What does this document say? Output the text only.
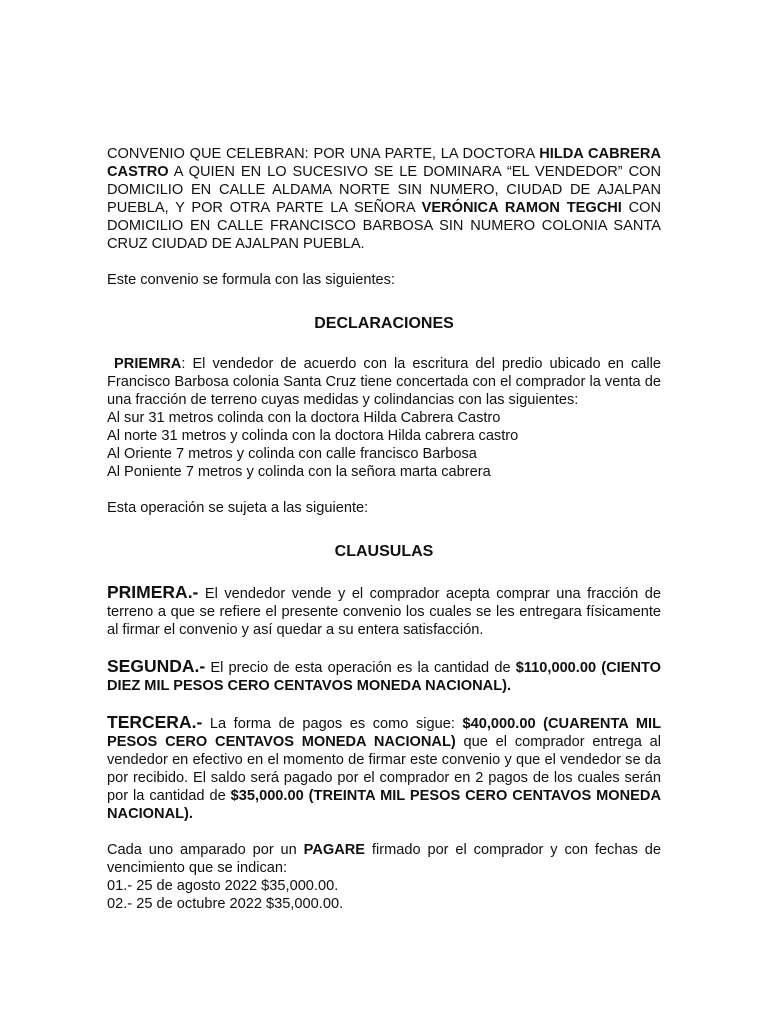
CONVENIO QUE CELEBRAN: POR UNA PARTE, LA DOCTORA HILDA CABRERA CASTRO A QUIEN EN LO SUCESIVO SE LE DOMINARA “EL VENDEDOR” CON DOMICILIO EN CALLE ALDAMA NORTE SIN NUMERO, CIUDAD DE AJALPAN PUEBLA, Y POR OTRA PARTE LA SEÑORA VERÓNICA RAMON TEGCHI CON DOMICILIO EN CALLE FRANCISCO BARBOSA SIN NUMERO COLONIA SANTA CRUZ CIUDAD DE AJALPAN PUEBLA.

Este convenio se formula con las siguientes:

DECLARACIONES

PRIEMRA: El vendedor de acuerdo con la escritura del predio ubicado en calle Francisco Barbosa colonia Santa Cruz tiene concertada con el comprador la venta de una fracción de terreno cuyas medidas y colindancias con las siguientes:

Al sur 31 metros colinda con la doctora Hilda Cabrera Castro

Al norte 31 metros y colinda con la doctora Hilda cabrera castro

Al Oriente 7 metros y colinda con calle francisco Barbosa

Al Poniente 7 metros y colinda con la señora marta cabrera

Esta operación se sujeta a las siguiente:

CLAUSULAS

PRIMERA.- El vendedor vende y el comprador acepta comprar una fracción de terreno a que se refiere el presente convenio los cuales se les entregara físicamente al firmar el convenio y así quedar a su entera satisfacción.

SEGUNDA.- El precio de esta operación es la cantidad de $110,000.00 (CIENTO DIEZ MIL PESOS CERO CENTAVOS MONEDA NACIONAL).

TERCERA.- La forma de pagos es como sigue: $40,000.00 (CUARENTA MIL PESOS CERO CENTAVOS MONEDA NACIONAL) que el comprador entrega al vendedor en efectivo en el momento de firmar este convenio y que el vendedor se da por recibido. El saldo será pagado por el comprador en 2 pagos de los cuales serán por la cantidad de $35,000.00 (TREINTA MIL PESOS CERO CENTAVOS MONEDA NACIONAL).

Cada uno amparado por un PAGARE firmado por el comprador y con fechas de vencimiento que se indican:

01.- 25 de agosto 2022 $35,000.00.

02.- 25 de octubre 2022 $35,000.00.
